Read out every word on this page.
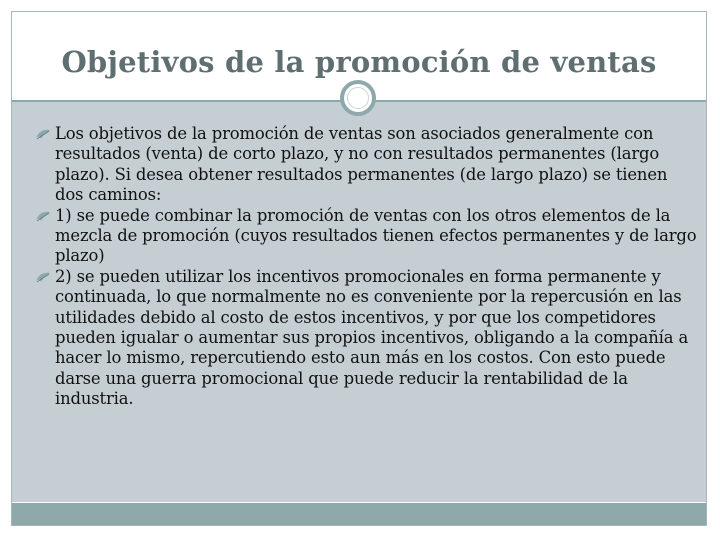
Objetivos de la promoción de ventas
Los objetivos de la promoción de ventas son asociados generalmente con resultados (venta) de corto plazo, y no con resultados permanentes (largo plazo). Si desea obtener resultados permanentes (de largo plazo) se tienen dos caminos:
1) se puede combinar la promoción de ventas con los otros elementos de la mezcla de promoción (cuyos resultados tienen efectos permanentes y de largo plazo)
2) se pueden utilizar los incentivos promocionales en forma permanente y continuada, lo que normalmente no es conveniente por la repercusión en las utilidades debido al costo de estos incentivos, y por que los competidores pueden igualar o aumentar sus propios incentivos, obligando a la compañía a hacer lo mismo, repercutiendo esto aun más en los costos. Con esto puede darse una guerra promocional que puede reducir la rentabilidad de la industria.
